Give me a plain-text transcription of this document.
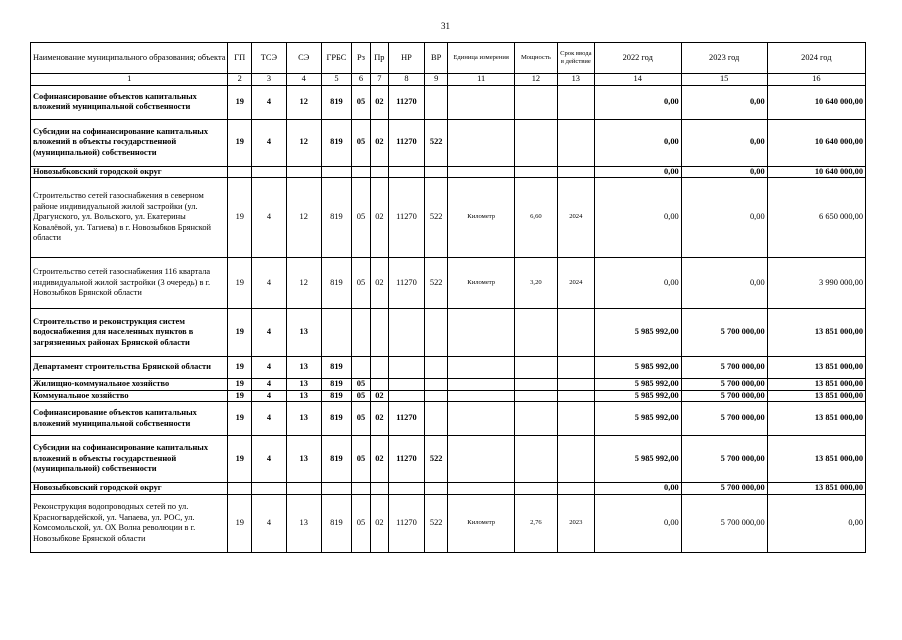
31
Наименование муниципального образования; объекта	ГП	ТСЭ	СЭ	ГРБС	Рз	Пр	НР	ВР	Единица измерения	Мощность	Срок ввода в действие	2022 год	2023 год	2024 год
1	2	3	4	5	6	7	8	9	11	12	13	14	15	16
Софинансирование объектов капитальных вложений муниципальной собственности	19	4	12	819	05	02	11270					0,00	0,00	10 640 000,00
Субсидии на софинансирование капитальных вложений в объекты государственной (муниципальной) собственности	19	4	12	819	05	02	11270	522				0,00	0,00	10 640 000,00
Новозыбковский городской округ												0,00	0,00	10 640 000,00
Строительство сетей газоснабжения в северном районе индивидуальной жилой застройки (ул. Драгунского, ул. Вольского, ул. Екатерины Ковалёвой, ул. Тагиева) в г. Новозыбков Брянской области	19	4	12	819	05	02	11270	522	Километр	6,60	2024	0,00	0,00	6 650 000,00
Строительство сетей газоснабжения 116 квартала индивидуальной жилой застройки (3 очередь) в г. Новозыбков Брянской области	19	4	12	819	05	02	11270	522	Километр	3,20	2024	0,00	0,00	3 990 000,00
Строительство и реконструкция систем водоснабжения для населенных пунктов в загрязненных районах Брянской области	19	4	13									5 985 992,00	5 700 000,00	13 851 000,00
Департамент строительства Брянской области	19	4	13	819								5 985 992,00	5 700 000,00	13 851 000,00
Жилищно-коммунальное хозяйство	19	4	13	819	05							5 985 992,00	5 700 000,00	13 851 000,00
Коммунальное хозяйство	19	4	13	819	05	02						5 985 992,00	5 700 000,00	13 851 000,00
Софинансирование объектов капитальных вложений муниципальной собственности	19	4	13	819	05	02	11270					5 985 992,00	5 700 000,00	13 851 000,00
Субсидии на софинансирование капитальных вложений в объекты государственной (муниципальной) собственности	19	4	13	819	05	02	11270	522				5 985 992,00	5 700 000,00	13 851 000,00
Новозыбковский городской округ												0,00	5 700 000,00	13 851 000,00
Реконструкция водопроводных сетей по ул. Красногвардейской, ул. Чапаева, ул. РОС, ул. Комсомольской, ул. ОХ Волна революции в г. Новозыбкове Брянской области	19	4	13	819	05	02	11270	522	Километр	2,76	2023	0,00	5 700 000,00	0,00
